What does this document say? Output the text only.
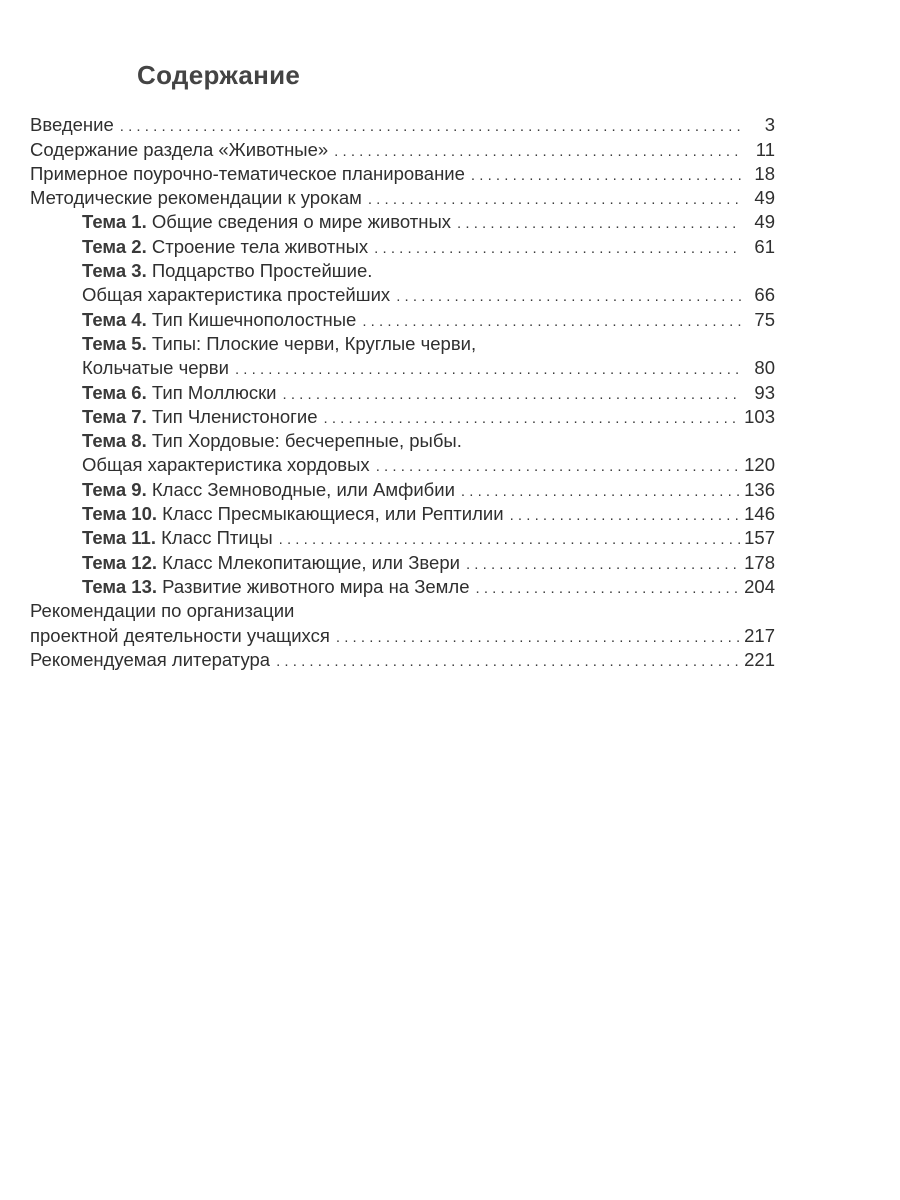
Содержание
Введение . . .	3
Содержание раздела «Животные» . . .	11
Примерное поурочно-тематическое планирование . . .	18
Методические рекомендации к урокам . . .	49
Тема 1. Общие сведения о мире животных . . .	49
Тема 2. Строение тела животных . . .	61
Тема 3. Подцарство Простейшие.
Общая характеристика простейших . . .	66
Тема 4. Тип Кишечнополостные . . .	75
Тема 5. Типы: Плоские черви, Круглые черви,
Кольчатые черви . . .	80
Тема 6. Тип Моллюски . . .	93
Тема 7. Тип Членистоногие . . .	103
Тема 8. Тип Хордовые: бесчерепные, рыбы.
Общая характеристика хордовых . . .	120
Тема 9. Класс Земноводные, или Амфибии . . .	136
Тема 10. Класс Пресмыкающиеся, или Рептилии . . .	146
Тема 11. Класс Птицы . . .	157
Тема 12. Класс Млекопитающие, или Звери . . .	178
Тема 13. Развитие животного мира на Земле . . .	204
Рекомендации по организации
проектной деятельности учащихся . . .	217
Рекомендуемая литература . . .	221
